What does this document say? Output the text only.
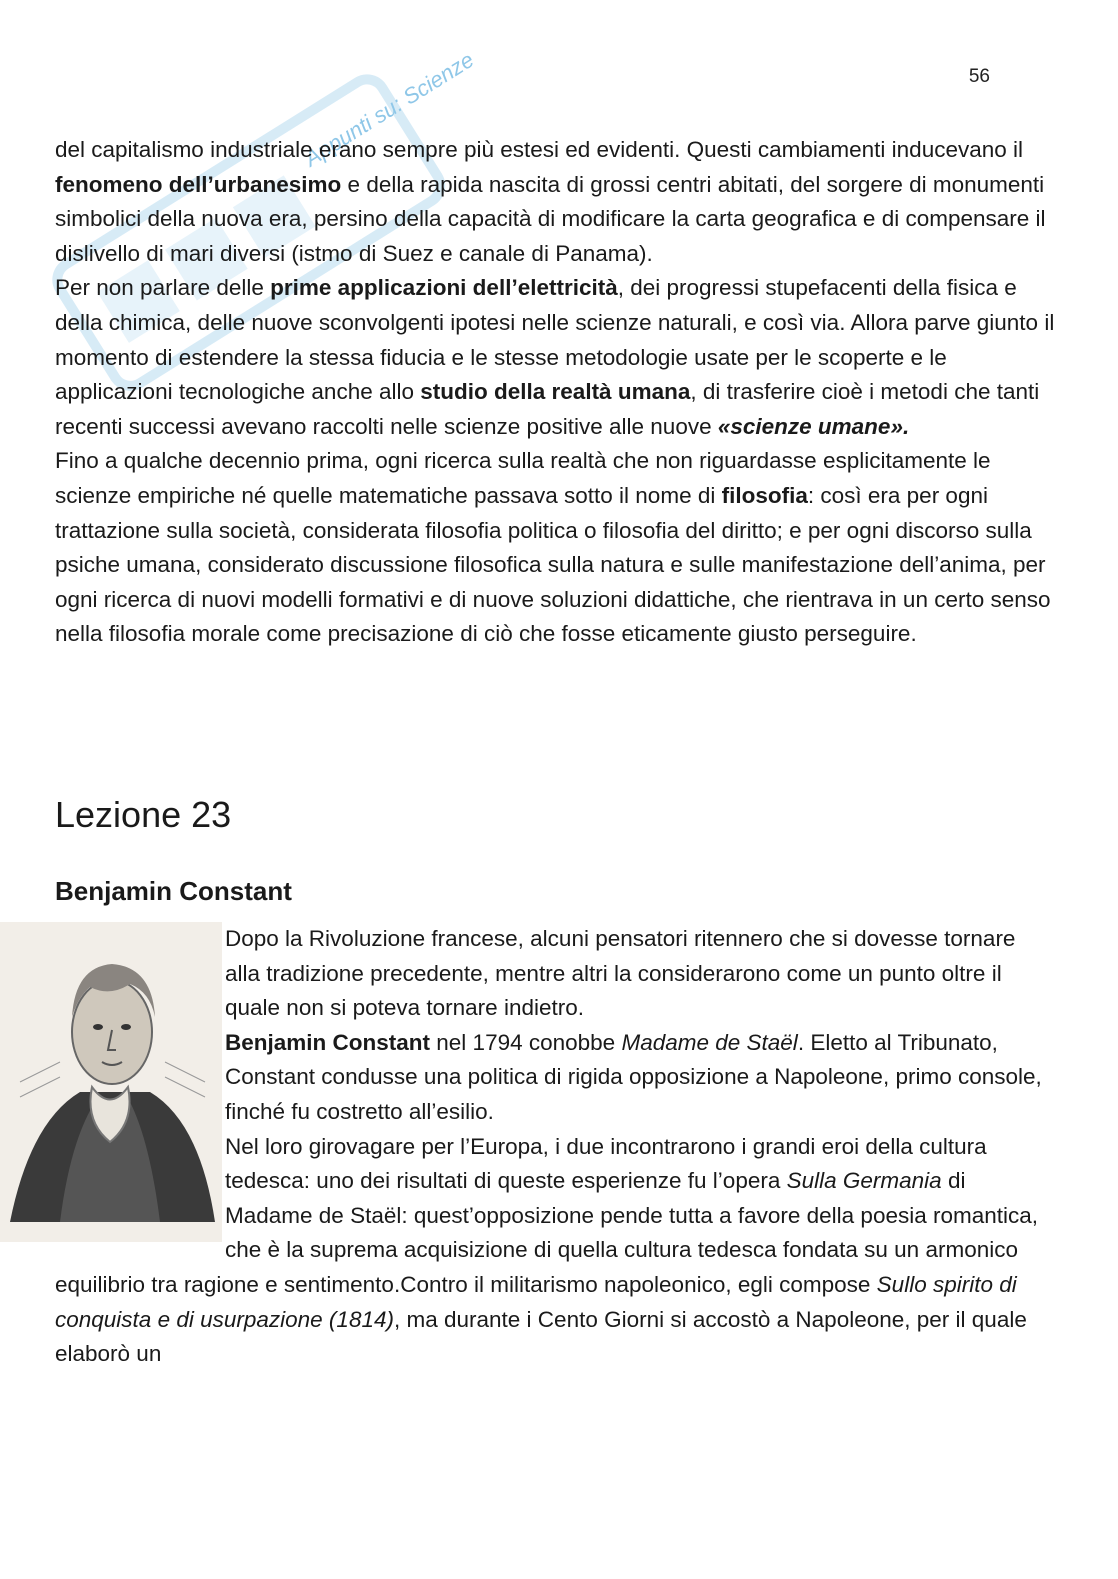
Appunti su: Scienze	56

del capitalismo industriale erano sempre più estesi ed evidenti. Questi cambiamenti inducevano il fenomeno dell’urbanesimo e della rapida nascita di grossi centri abitati, del sorgere di monumenti simbolici della nuova era, persino della capacità di modificare la carta geografica e di compensare il dislivello di mari diversi (istmo di Suez e canale di Panama).

Per non parlare delle prime applicazioni dell’elettricità, dei progressi stupefacenti della fisica e della chimica, delle nuove sconvolgenti ipotesi nelle scienze naturali, e così via. Allora parve giunto il momento di estendere la stessa fiducia e le stesse metodologie usate per le scoperte e le applicazioni tecnologiche anche allo studio della realtà umana, di trasferire cioè i metodi che tanti recenti successi avevano raccolti nelle scienze positive alle nuove «scienze umane».

Fino a qualche decennio prima, ogni ricerca sulla realtà che non riguardasse esplicitamente le scienze empiriche né quelle matematiche passava sotto il nome di filosofia: così era per ogni trattazione sulla società, considerata filosofia politica o filosofia del diritto; e per ogni discorso sulla psiche umana, considerato discussione filosofica sulla natura e sulle manifestazione dell’anima, per ogni ricerca di nuovi modelli formativi e di nuove soluzioni didattiche, che rientrava in un certo senso nella filosofia morale come precisazione di ciò che fosse eticamente giusto perseguire.

Lezione 23
Benjamin Constant

Dopo la Rivoluzione francese, alcuni pensatori ritennero che si dovesse tornare alla tradizione precedente, mentre altri la considerarono come un punto oltre il quale non si poteva tornare indietro.

Benjamin Constant nel 1794 conobbe Madame de Staël. Eletto al Tribunato, Constant condusse una politica di rigida opposizione a Napoleone, primo console, finché fu costretto all’esilio.

Nel loro girovagare per l’Europa, i due incontrarono i grandi eroi della cultura tedesca: uno dei risultati di queste esperienze fu l’opera Sulla Germania di Madame de Staël: quest’opposizione pende tutta a favore della poesia romantica, che è la suprema acquisizione di quella cultura tedesca fondata su un armonico equilibrio tra ragione e sentimento.Contro il militarismo napoleonico, egli compose Sullo spirito di conquista e di usurpazione (1814), ma durante i Cento Giorni si accostò a Napoleone, per il quale elaborò un
